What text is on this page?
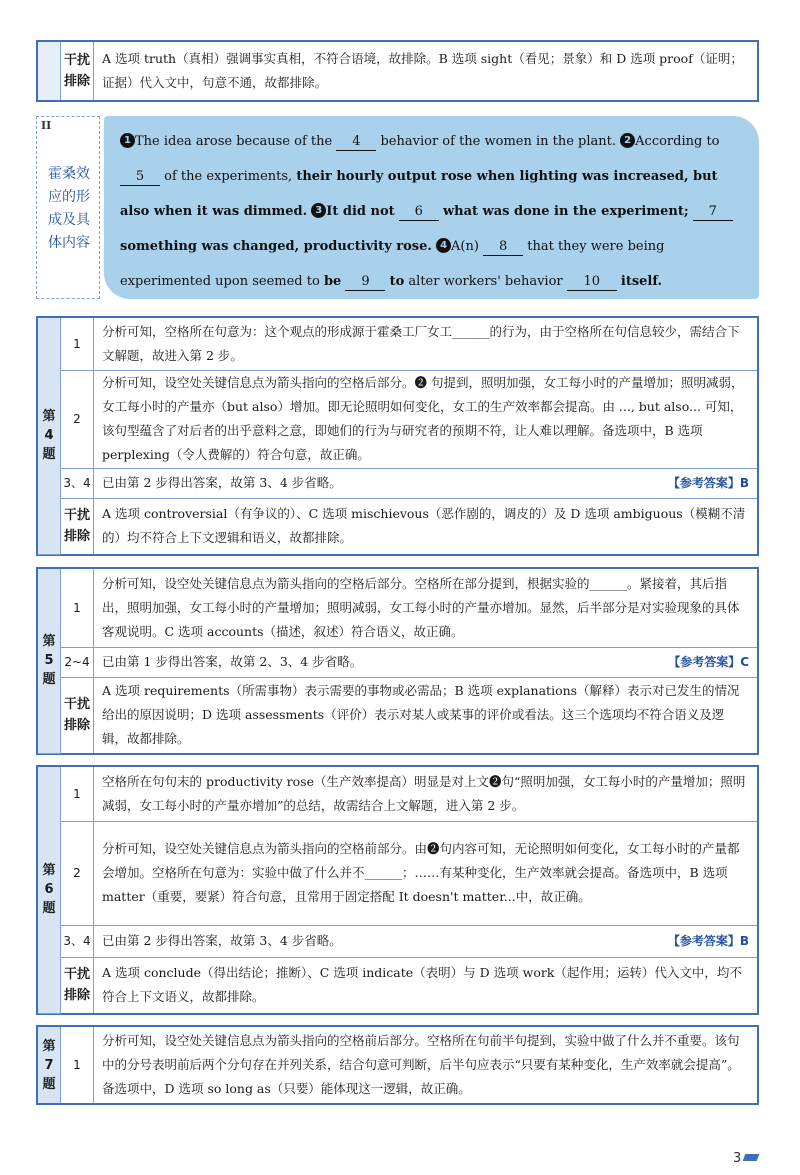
	干扰排除	A 选项 truth（真相）强调事实真相，不符合语境，故排除。B 选项 sight（看见；景象）和 D 选项 proof（证明；证据）代入文中，句意不通，故都排除。
II
霍桑效应的形成及具体内容
1 The idea arose because of the 4 behavior of the women in the plant. 2 According to 5 of the experiments, their hourly output rose when lighting was increased, but also when it was dimmed. 3 It did not 6 what was done in the experiment; 7 something was changed, productivity rose. 4 A(n) 8 that they were being experimented upon seemed to be 9 to alter workers' behavior 10 itself.
第4题	1	分析可知，空格所在句意为：这个观点的形成源于霍桑工厂女工______的行为，由于空格所在句信息较少，需结合下文解题，故进入第 2 步。
	2	分析可知，设空处关键信息点为箭头指向的空格后部分。❷ 句提到，照明加强，女工每小时的产量增加；照明减弱，女工每小时的产量亦（but also）增加。即无论照明如何变化，女工的生产效率都会提高。由 ..., but also... 可知，该句型蕴含了对后者的出乎意料之意，即她们的行为与研究者的预期不符，让人难以理解。备选项中，B 选项 perplexing（令人费解的）符合句意，故正确。
	3、4	已由第 2 步得出答案，故第 3、4 步省略。 【参考答案】B

	干扰排除	A 选项 controversial（有争议的）、C 选项 mischievous（恶作剧的，调皮的）及 D 选项 ambiguous（模糊不清的）均不符合上下文逻辑和语义，故都排除。
第5题	1	分析可知，设空处关键信息点为箭头指向的空格后部分。空格所在部分提到，根据实验的______。紧接着，其后指出，照明加强，女工每小时的产量增加；照明减弱，女工每小时的产量亦增加。显然，后半部分是对实验现象的具体客观说明。C 选项 accounts（描述，叙述）符合语义，故正确。
	2~4	已由第 1 步得出答案，故第 2、3、4 步省略。 【参考答案】C

	干扰排除	A 选项 requirements（所需事物）表示需要的事物或必需品；B 选项 explanations（解释）表示对已发生的情况给出的原因说明；D 选项 assessments（评价）表示对某人或某事的评价或看法。这三个选项均不符合语义及逻辑，故都排除。
第6题	1	空格所在句句末的 productivity rose（生产效率提高）明显是对上文❷句“照明加强，女工每小时的产量增加；照明减弱，女工每小时的产量亦增加”的总结，故需结合上文解题，进入第 2 步。
	2	分析可知，设空处关键信息点为箭头指向的空格前部分。由❷句内容可知，无论照明如何变化，女工每小时的产量都会增加。空格所在句意为：实验中做了什么并不______；……有某种变化，生产效率就会提高。备选项中，B 选项 matter（重要，要紧）符合句意，且常用于固定搭配 It doesn't matter...中，故正确。
	3、4	已由第 2 步得出答案，故第 3、4 步省略。 【参考答案】B

	干扰排除	A 选项 conclude（得出结论；推断）、C 选项 indicate（表明）与 D 选项 work（起作用；运转）代入文中，均不符合上下文语义，故都排除。
第7题	1	分析可知，设空处关键信息点为箭头指向的空格前后部分。空格所在句前半句提到，实验中做了什么并不重要。该句中的分号表明前后两个分句存在并列关系，结合句意可判断，后半句应表示“只要有某种变化，生产效率就会提高”。备选项中，D 选项 so long as（只要）能体现这一逻辑，故正确。
3
